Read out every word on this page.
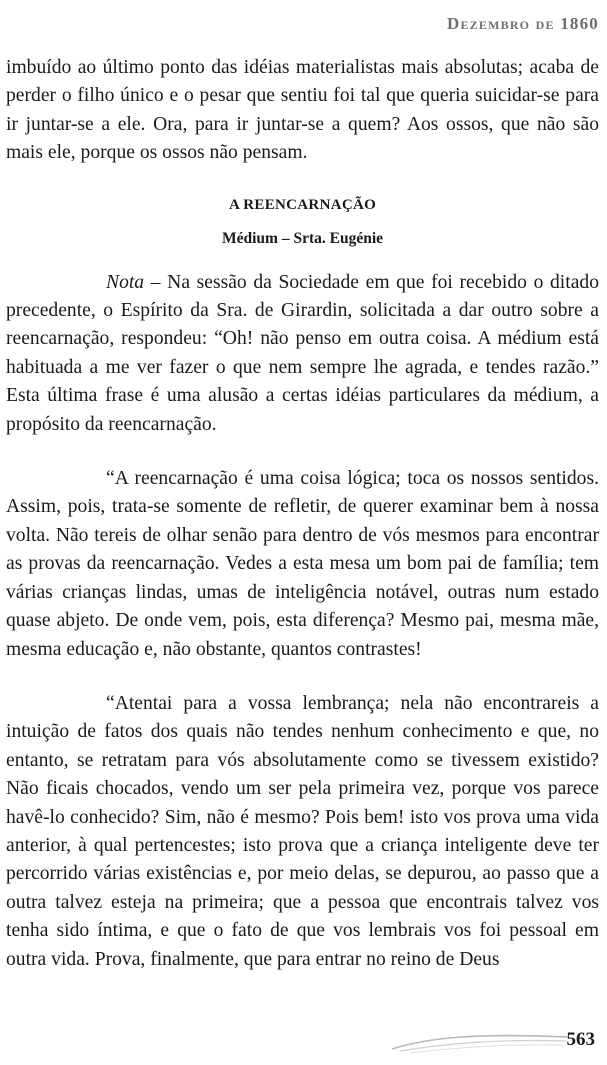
Dezembro de 1860

imbuído ao último ponto das idéias materialistas mais absolutas; acaba de perder o filho único e o pesar que sentiu foi tal que queria suicidar-se para ir juntar-se a ele. Ora, para ir juntar-se a quem? Aos ossos, que não são mais ele, porque os ossos não pensam.

A REENCARNAÇÃO
Médium – Srta. Eugénie

Nota – Na sessão da Sociedade em que foi recebido o ditado precedente, o Espírito da Sra. de Girardin, solicitada a dar outro sobre a reencarnação, respondeu: “Oh! não penso em outra coisa. A médium está habituada a me ver fazer o que nem sempre lhe agrada, e tendes razão.” Esta última frase é uma alusão a certas idéias particulares da médium, a propósito da reencarnação.

“A reencarnação é uma coisa lógica; toca os nossos sentidos. Assim, pois, trata-se somente de refletir, de querer examinar bem à nossa volta. Não tereis de olhar senão para dentro de vós mesmos para encontrar as provas da reencarnação. Vedes a esta mesa um bom pai de família; tem várias crianças lindas, umas de inteligência notável, outras num estado quase abjeto. De onde vem, pois, esta diferença? Mesmo pai, mesma mãe, mesma educação e, não obstante, quantos contrastes!

“Atentai para a vossa lembrança; nela não encontrareis a intuição de fatos dos quais não tendes nenhum conhecimento e que, no entanto, se retratam para vós absolutamente como se tivessem existido? Não ficais chocados, vendo um ser pela primeira vez, porque vos parece havê-lo conhecido? Sim, não é mesmo? Pois bem! isto vos prova uma vida anterior, à qual pertencestes; isto prova que a criança inteligente deve ter percorrido várias existências e, por meio delas, se depurou, ao passo que a outra talvez esteja na primeira; que a pessoa que encontrais talvez vos tenha sido íntima, e que o fato de que vos lembrais vos foi pessoal em outra vida. Prova, finalmente, que para entrar no reino de Deus

563
